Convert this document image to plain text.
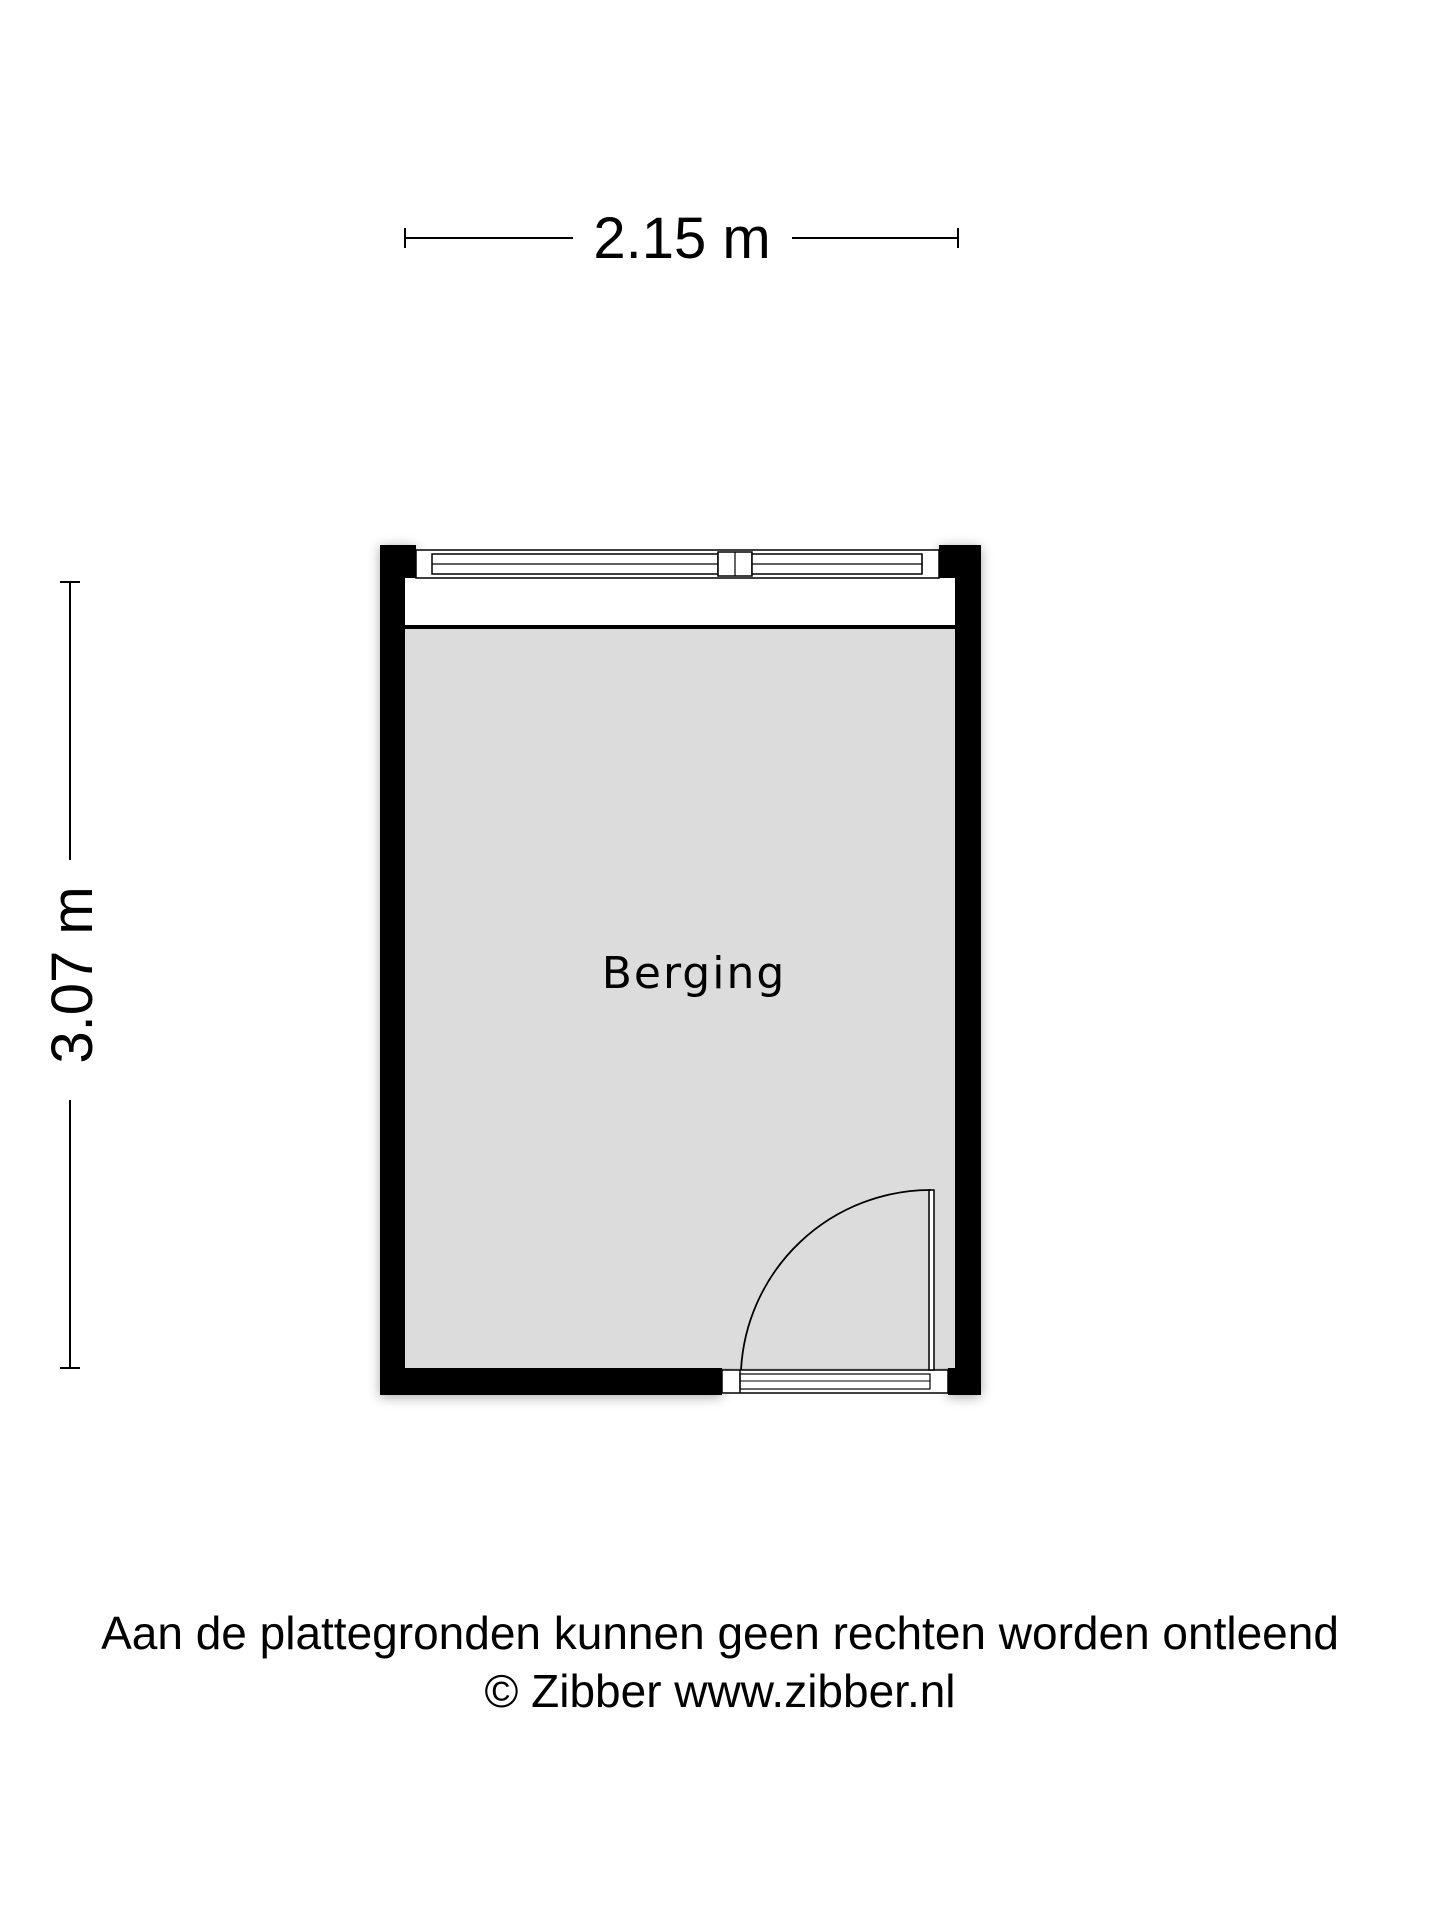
2.15 m
3.07 m	Berging
Aan de plattegronden kunnen geen rechten worden ontleend
© Zibber www.zibber.nl
